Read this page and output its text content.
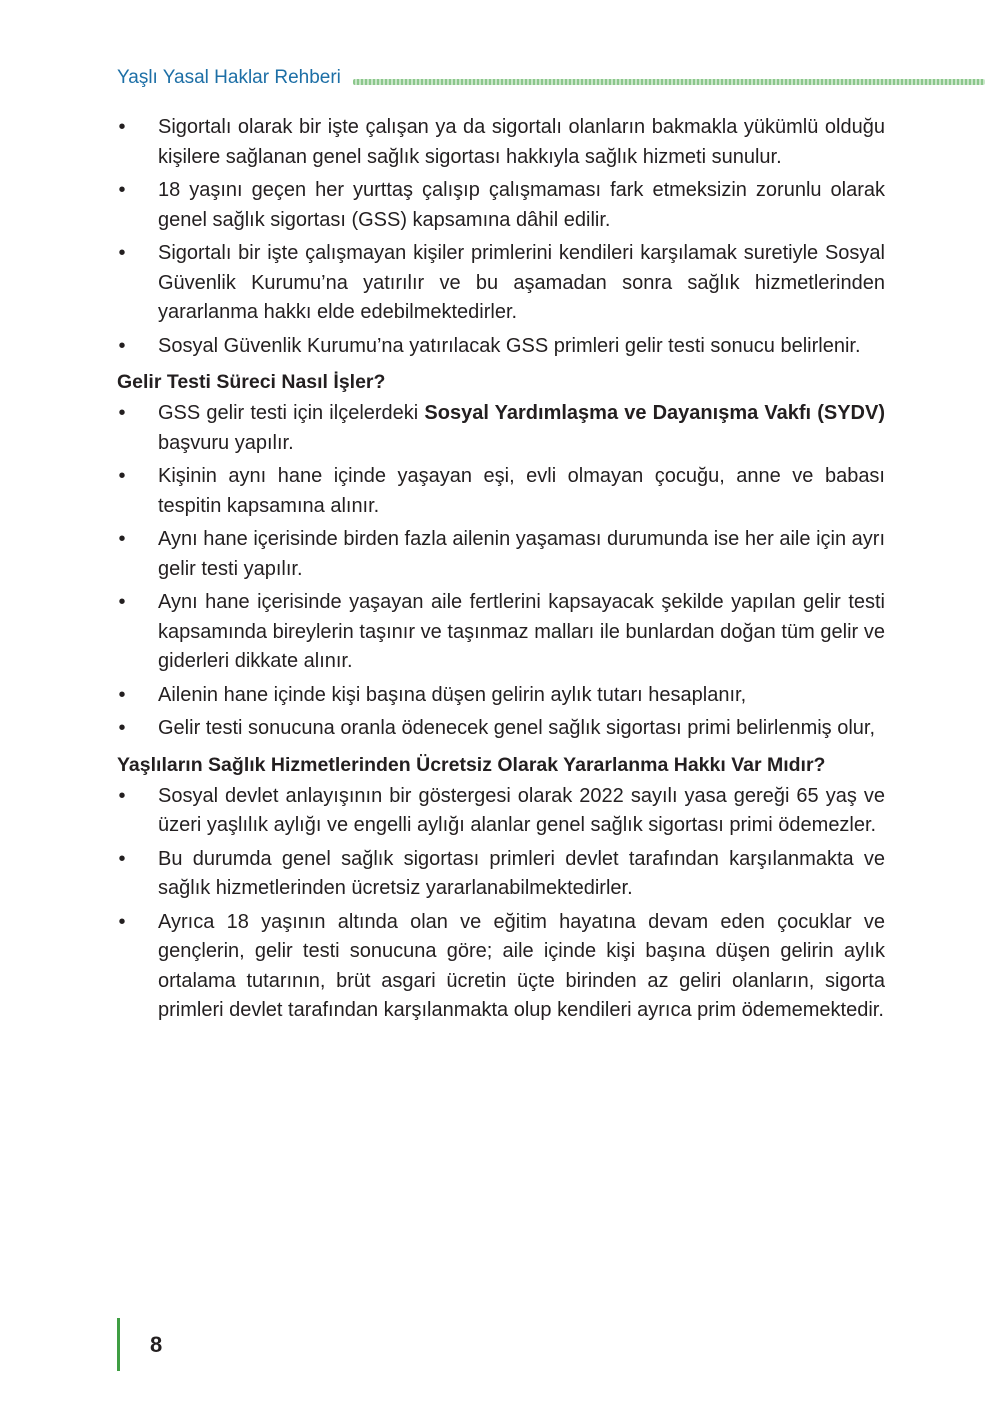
Yaşlı Yasal Haklar Rehberi
• Sigortalı olarak bir işte çalışan ya da sigortalı olanların bakmakla yükümlü olduğu kişilere sağlanan genel sağlık sigortası hakkıyla sağlık hizmeti sunulur.
• 18 yaşını geçen her yurttaş çalışıp çalışmaması fark etmeksizin zorunlu olarak genel sağlık sigortası (GSS) kapsamına dâhil edilir.
• Sigortalı bir işte çalışmayan kişiler primlerini kendileri karşılamak suretiyle Sosyal Güvenlik Kurumu’na yatırılır ve bu aşamadan sonra sağlık hizmetlerinden yararlanma hakkı elde edebilmektedirler.
• Sosyal Güvenlik Kurumu’na yatırılacak GSS primleri gelir testi sonucu belirlenir.
Gelir Testi Süreci Nasıl İşler?
• GSS gelir testi için ilçelerdeki Sosyal Yardımlaşma ve Dayanışma Vakfı (SYDV) başvuru yapılır.
• Kişinin aynı hane içinde yaşayan eşi, evli olmayan çocuğu, anne ve babası tespitin kapsamına alınır.
• Aynı hane içerisinde birden fazla ailenin yaşaması durumunda ise her aile için ayrı gelir testi yapılır.
• Aynı hane içerisinde yaşayan aile fertlerini kapsayacak şekilde yapılan gelir testi kapsamında bireylerin taşınır ve taşınmaz malları ile bunlardan doğan tüm gelir ve giderleri dikkate alınır.
• Ailenin hane içinde kişi başına düşen gelirin aylık tutarı hesaplanır,
• Gelir testi sonucuna oranla ödenecek genel sağlık sigortası primi belirlenmiş olur,
Yaşlıların Sağlık Hizmetlerinden Ücretsiz Olarak Yararlanma Hakkı Var Mıdır?
• Sosyal devlet anlayışının bir göstergesi olarak 2022 sayılı yasa gereği 65 yaş ve üzeri yaşlılık aylığı ve engelli aylığı alanlar genel sağlık sigortası primi ödemezler.
• Bu durumda genel sağlık sigortası primleri devlet tarafından karşılanmakta ve sağlık hizmetlerinden ücretsiz yararlanabilmektedirler.
• Ayrıca 18 yaşının altında olan ve eğitim hayatına devam eden çocuklar ve gençlerin, gelir testi sonucuna göre; aile içinde kişi başına düşen gelirin aylık ortalama tutarının, brüt asgari ücretin üçte birinden az geliri olanların, sigorta primleri devlet tarafından karşılanmakta olup kendileri ayrıca prim ödememektedir.
8
